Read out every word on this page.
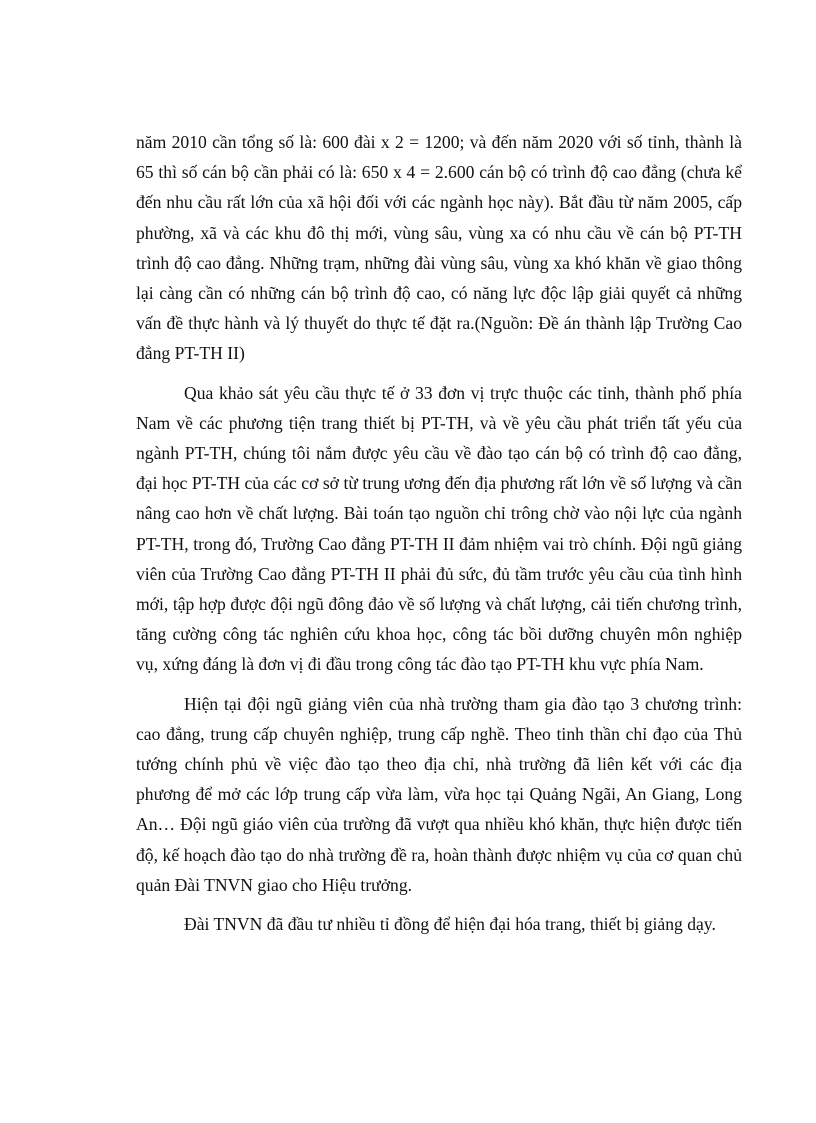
năm 2010 cần tổng số là: 600 đài x 2 = 1200; và đến năm 2020 với số tỉnh, thành là 65 thì số cán bộ cần phải có là: 650 x 4 = 2.600 cán bộ có trình độ cao đẳng (chưa kể đến nhu cầu rất lớn của xã hội đối với các ngành học này). Bắt đầu từ năm 2005, cấp phường, xã và các khu đô thị mới, vùng sâu, vùng xa có nhu cầu về cán bộ PT-TH trình độ cao đẳng. Những trạm, những đài vùng sâu, vùng xa khó khăn về giao thông lại càng cần có những cán bộ trình độ cao, có năng lực độc lập giải quyết cả những vấn đề thực hành và lý thuyết do thực tế đặt ra.(Nguồn: Đề án thành lập Trường Cao đẳng PT-TH II)

Qua khảo sát yêu cầu thực tế ở 33 đơn vị trực thuộc các tỉnh, thành phố phía Nam về các phương tiện trang thiết bị PT-TH, và về yêu cầu phát triển tất yếu của ngành PT-TH, chúng tôi nắm được yêu cầu về đào tạo cán bộ có trình độ cao đẳng, đại học PT-TH của các cơ sở từ trung ương đến địa phương rất lớn về số lượng và cần nâng cao hơn về chất lượng. Bài toán tạo nguồn chỉ trông chờ vào nội lực của ngành PT-TH, trong đó, Trường Cao đẳng PT-TH II đảm nhiệm vai trò chính. Đội ngũ giảng viên của Trường Cao đẳng PT-TH II phải đủ sức, đủ tầm trước yêu cầu của tình hình mới, tập hợp được đội ngũ đông đảo về số lượng và chất lượng, cải tiến chương trình, tăng cường công tác nghiên cứu khoa học, công tác bồi dưỡng chuyên môn nghiệp vụ, xứng đáng là đơn vị đi đầu trong công tác đào tạo PT-TH khu vực phía Nam.

Hiện tại đội ngũ giảng viên của nhà trường tham gia đào tạo 3 chương trình: cao đẳng, trung cấp chuyên nghiệp, trung cấp nghề. Theo tinh thần chỉ đạo của Thủ tướng chính phủ về việc đào tạo theo địa chỉ, nhà trường đã liên kết với các địa phương để mở các lớp trung cấp vừa làm, vừa học tại Quảng Ngãi, An Giang, Long An… Đội ngũ giáo viên của trường đã vượt qua nhiều khó khăn, thực hiện được tiến độ, kế hoạch đào tạo do nhà trường đề ra, hoàn thành được nhiệm vụ của cơ quan chủ quản Đài TNVN giao cho Hiệu trưởng.

Đài TNVN đã đầu tư nhiều tỉ đồng để hiện đại hóa trang, thiết bị giảng dạy.
